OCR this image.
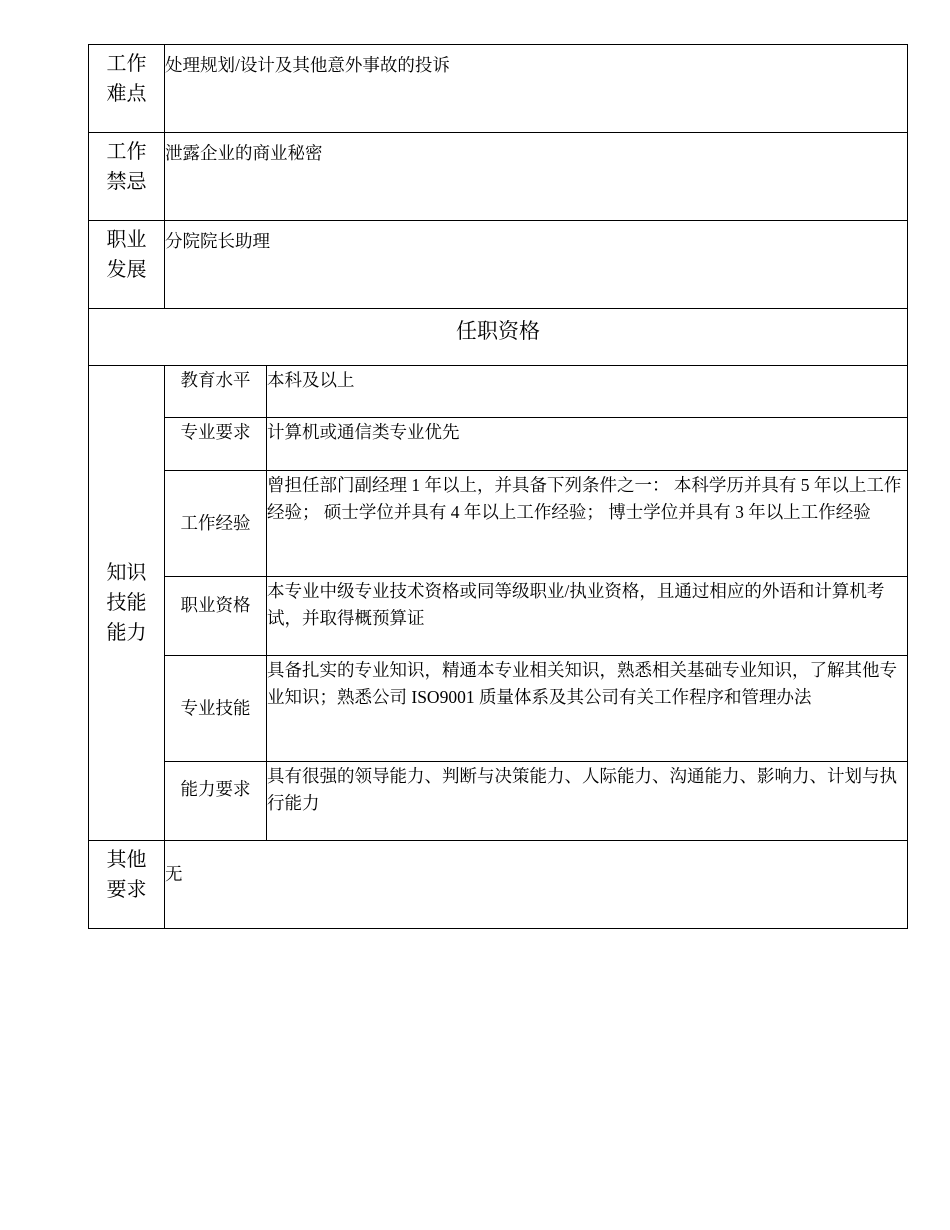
工作
难点	处理规划/设计及其他意外事故的投诉	

工作
禁忌	泄露企业的商业秘密	

职业
发展	分院院长助理	
任职资格		

知识
技能
能力	教育水平	本科及以上
	专业要求	计算机或通信类专业优先
	工作经验	曾担任部门副经理 1 年以上，并具备下列条件之一： 本科学历并具有 5 年以上工作经验； 硕士学位并具有 4 年以上工作经验； 博士学位并具有 3 年以上工作经验
	职业资格	本专业中级专业技术资格或同等级职业/执业资格，且通过相应的外语和计算机考试，并取得概预算证
	专业技能	具备扎实的专业知识，精通本专业相关知识，熟悉相关基础专业知识，了解其他专业知识；熟悉公司 ISO9001 质量体系及其公司有关工作程序和管理办法
	能力要求	具有很强的领导能力、判断与决策能力、人际能力、沟通能力、影响力、计划与执行能力

其他
要求	无	
